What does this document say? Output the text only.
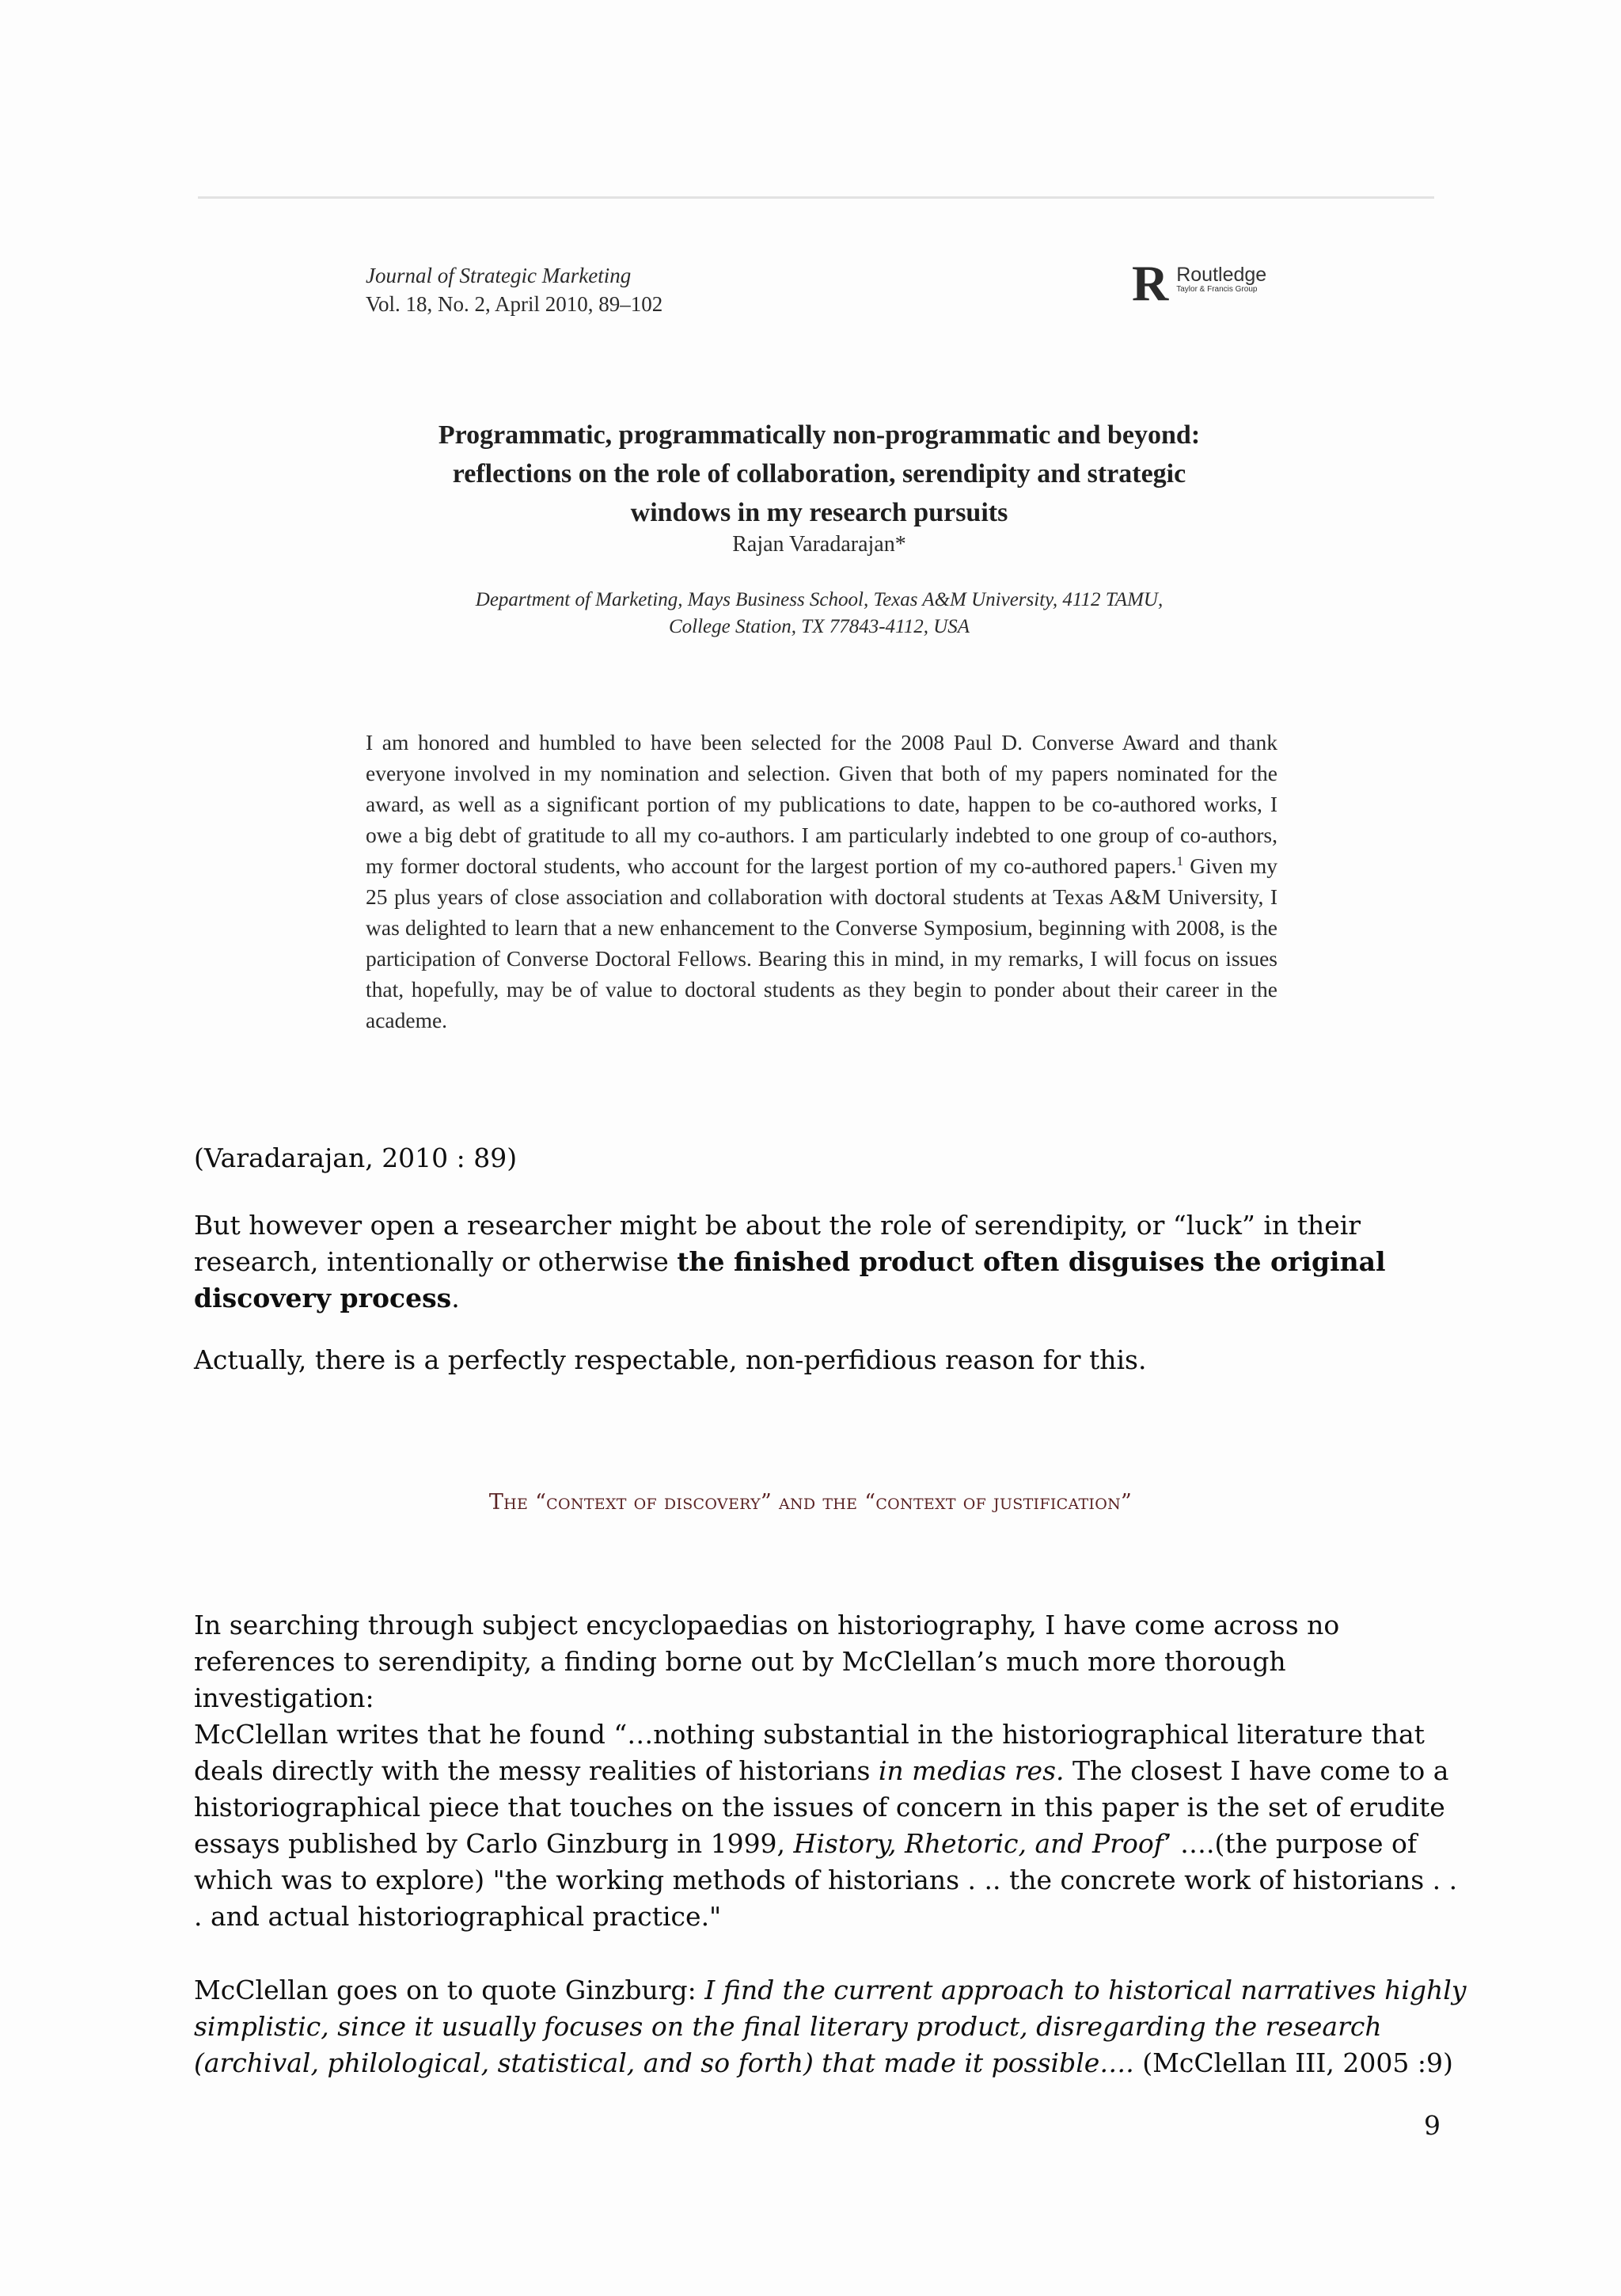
Journal of Strategic Marketing
Vol. 18, No. 2, April 2010, 89–102	R Routledge
Taylor & Francis Group
Programmatic, programmatically non-programmatic and beyond:
reflections on the role of collaboration, serendipity and strategic
windows in my research pursuits
Rajan Varadarajan*
Department of Marketing, Mays Business School, Texas A&M University, 4112 TAMU,
College Station, TX 77843-4112, USA
I am honored and humbled to have been selected for the 2008 Paul D. Converse Award and thank everyone involved in my nomination and selection. Given that both of my papers nominated for the award, as well as a significant portion of my publications to date, happen to be co-authored works, I owe a big debt of gratitude to all my co-authors. I am particularly indebted to one group of co-authors, my former doctoral students, who account for the largest portion of my co-authored papers.$^1$ Given my 25 plus years of close association and collaboration with doctoral students at Texas A&M University, I was delighted to learn that a new enhancement to the Converse Symposium, beginning with 2008, is the participation of Converse Doctoral Fellows. Bearing this in mind, in my remarks, I will focus on issues that, hopefully, may be of value to doctoral students as they begin to ponder about their career in the academe.
(Varadarajan, 2010 : 89)
But however open a researcher might be about the role of serendipity, or “luck” in their research, intentionally or otherwise the finished product often disguises the original discovery process.
Actually, there is a perfectly respectable, non-perfidious reason for this.
The “context of discovery” and the “context of justification”
In searching through subject encyclopaedias on historiography, I have come across no references to serendipity, a finding borne out by McClellan’s much more thorough investigation:
McClellan writes that he found “…nothing substantial in the historiographical literature that deals directly with the messy realities of historians in medias res. The closest I have come to a historiographical piece that touches on the issues of concern in this paper is the set of erudite essays published by Carlo Ginzburg in 1999, History, Rhetoric, and Proof’ ….(the purpose of which was to explore) "the working methods of historians . .. the concrete work of historians . . . and actual historiographical practice."
McClellan goes on to quote Ginzburg: I find the current approach to historical narratives highly simplistic, since it usually focuses on the final literary product, disregarding the research (archival, philological, statistical, and so forth) that made it possible…. (McClellan III, 2005 :9)
9
